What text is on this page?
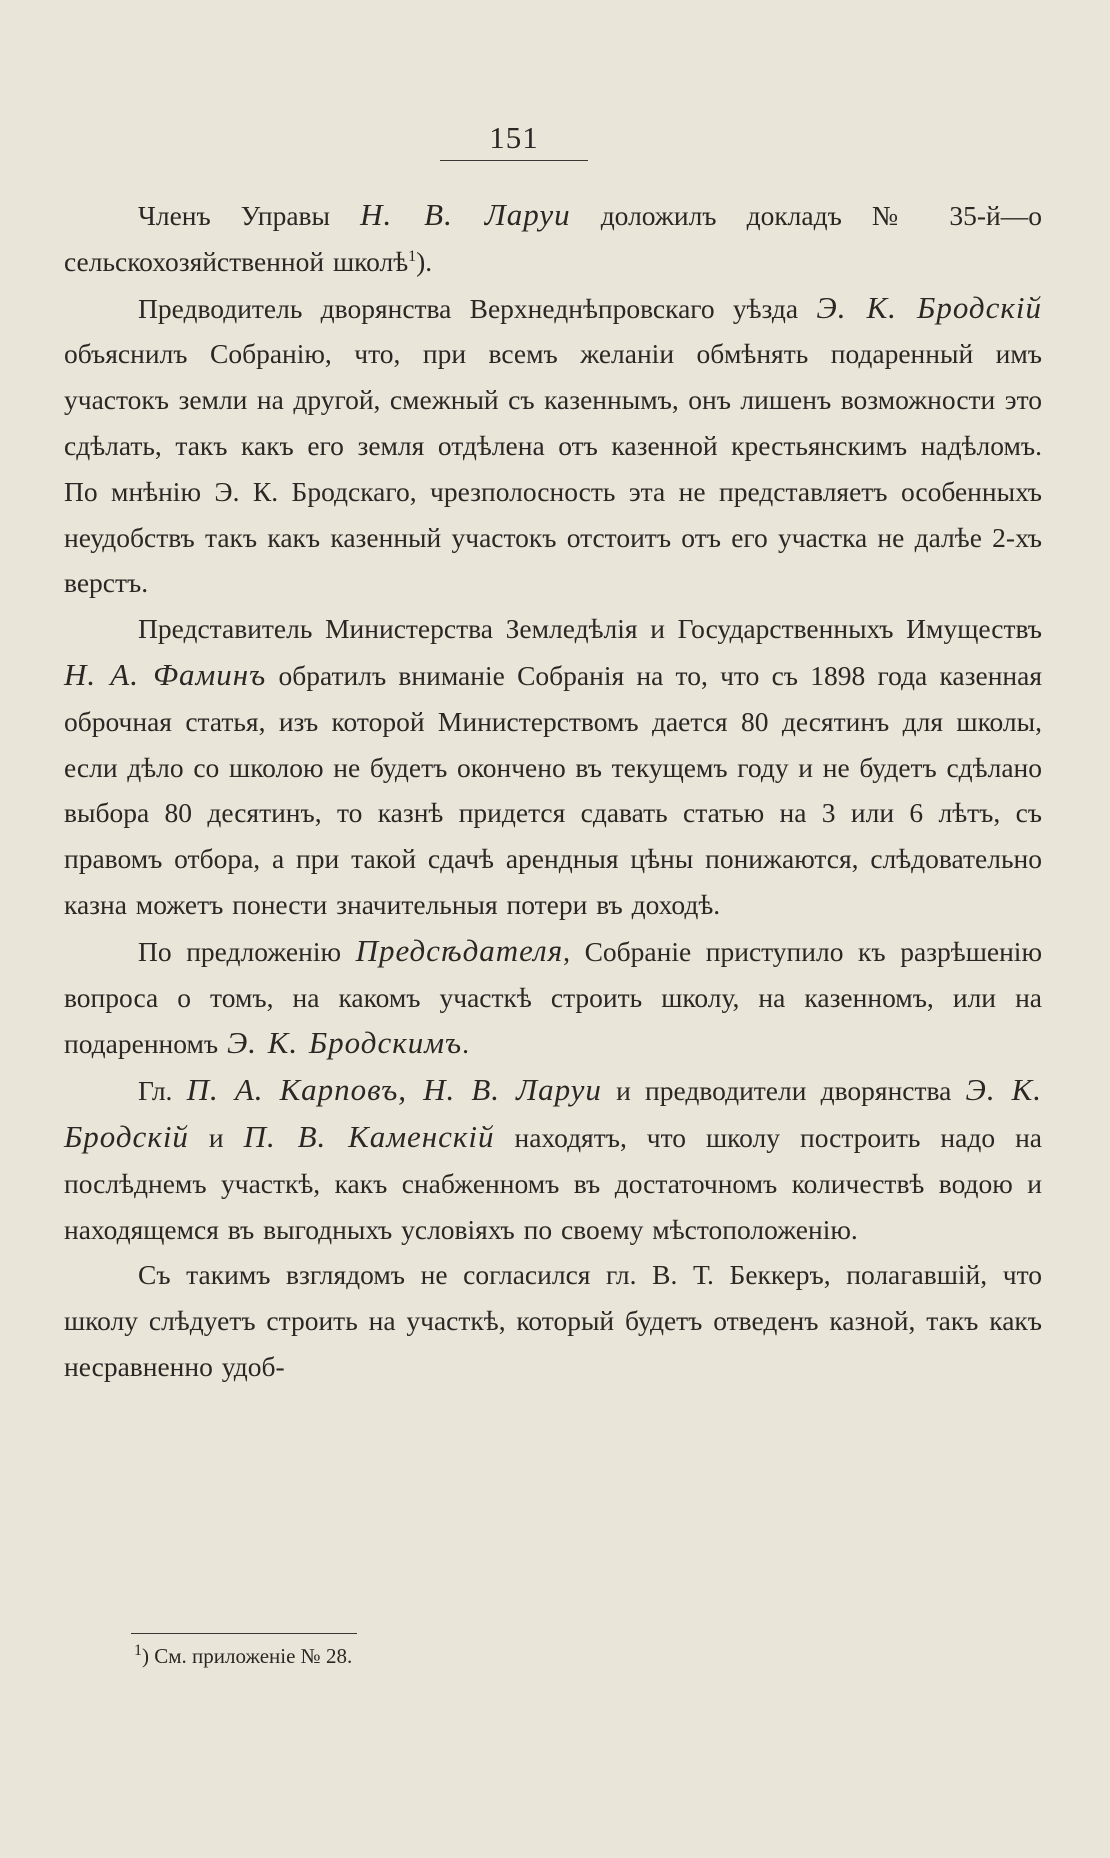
151

Членъ Управы Н. В. Ларуи доложилъ докладъ № 35-й—о сельскохозяйственной школѣ$^1$).

Предводитель дворянства Верхнеднѣпровскаго уѣзда Э. К. Бродскій объяснилъ Собранію, что, при всемъ желаніи обмѣнять подаренный имъ участокъ земли на другой, смежный съ казеннымъ, онъ лишенъ возможности это сдѣлать, такъ какъ его земля отдѣлена отъ казенной крестьянскимъ надѣломъ. По мнѣнію Э. К. Бродскаго, чрезполосность эта не представляетъ особенныхъ неудобствъ такъ какъ казенный участокъ отстоитъ отъ его участка не далѣе 2-хъ верстъ.

Представитель Министерства Земледѣлія и Государственныхъ Имуществъ Н. А. Фаминъ обратилъ вниманіе Собранія на то, что съ 1898 года казенная оброчная статья, изъ которой Министерствомъ дается 80 десятинъ для школы, если дѣло со школою не будетъ окончено въ текущемъ году и не будетъ сдѣлано выбора 80 десятинъ, то казнѣ придется сдавать статью на 3 или 6 лѣтъ, съ правомъ отбора, а при такой сдачѣ арендныя цѣны понижаются, слѣдовательно казна можетъ понести значительныя потери въ доходѣ.

По предложенію Предсѣдателя, Собраніе приступило къ разрѣшенію вопроса о томъ, на какомъ участкѣ строить школу, на казенномъ, или на подаренномъ Э. К. Бродскимъ.

Гл. П. А. Карповъ, Н. В. Ларуи и предводители дворянства Э. К. Бродскій и П. В. Каменскій находятъ, что школу построить надо на послѣднемъ участкѣ, какъ снабженномъ въ достаточномъ количествѣ водою и находящемся въ выгодныхъ условіяхъ по своему мѣстоположенію.

Съ такимъ взглядомъ не согласился гл. В. Т. Беккеръ, полагавшій, что школу слѣдуетъ строить на участкѣ, который будетъ отведенъ казной, такъ какъ несравненно удоб-

$^1$) См. приложеніе № 28.
